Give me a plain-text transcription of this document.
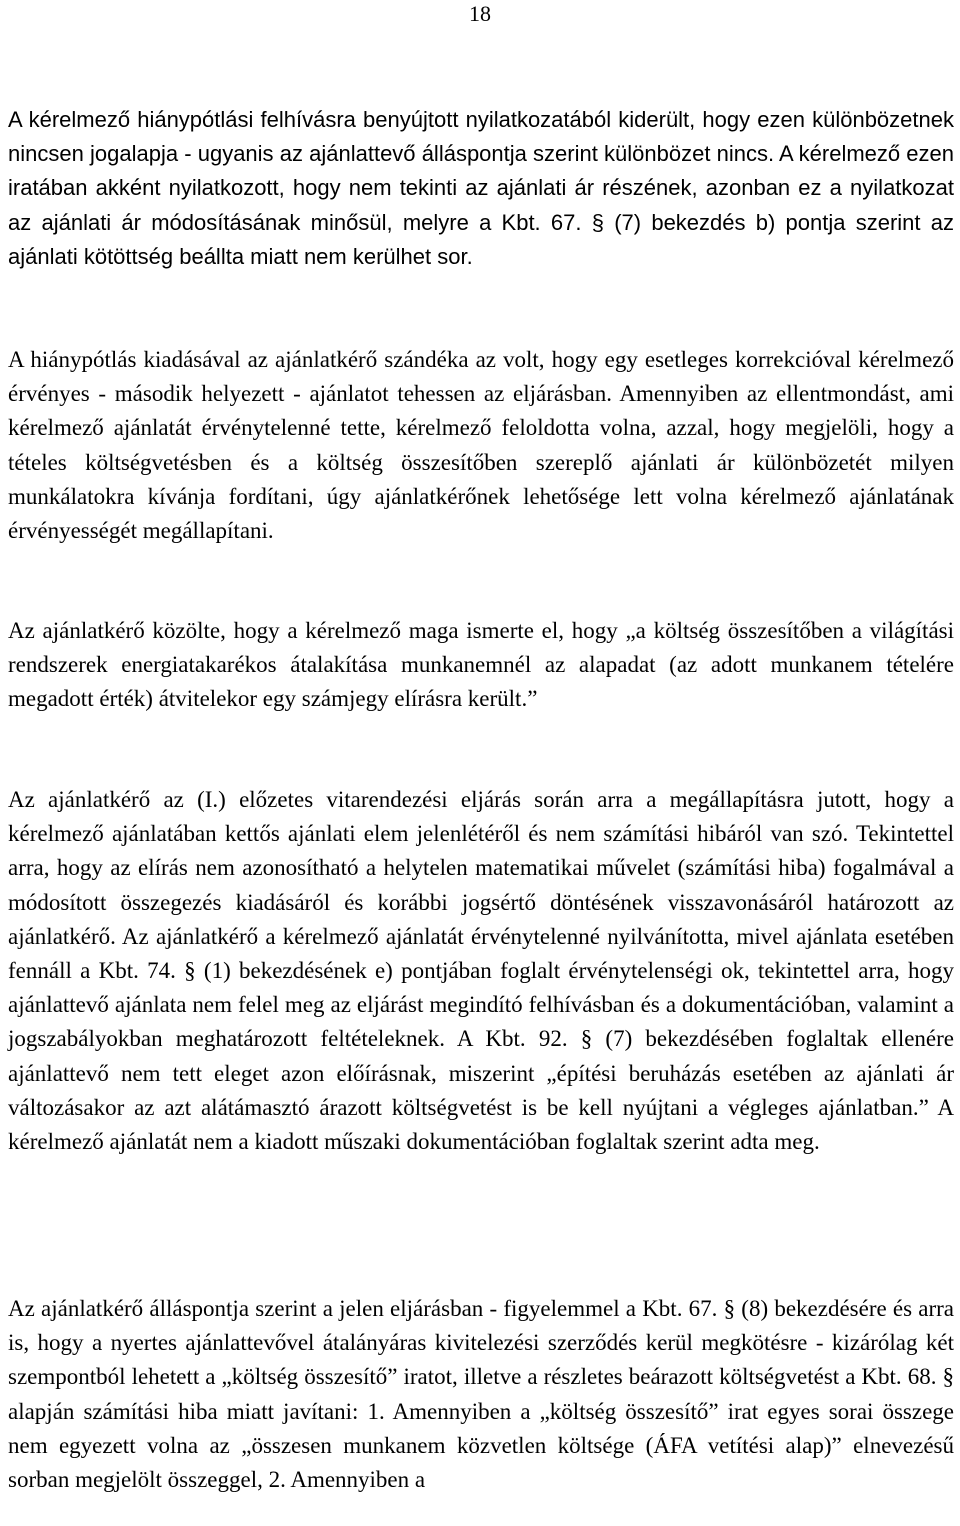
18

A kérelmező hiánypótlási felhívásra benyújtott nyilatkozatából kiderült, hogy ezen különbözetnek nincsen jogalapja - ugyanis az ajánlattevő álláspontja szerint különbözet nincs. A kérelmező ezen iratában akként nyilatkozott, hogy nem tekinti az ajánlati ár részének, azonban ez a nyilatkozat az ajánlati ár módosításának minősül, melyre a Kbt. 67. § (7) bekezdés b) pontja szerint az ajánlati kötöttség beállta miatt nem kerülhet sor.

A hiánypótlás kiadásával az ajánlatkérő szándéka az volt, hogy egy esetleges korrekcióval kérelmező érvényes - második helyezett - ajánlatot tehessen az eljárásban. Amennyiben az ellentmondást, ami kérelmező ajánlatát érvénytelenné tette, kérelmező feloldotta volna, azzal, hogy megjelöli, hogy a tételes költségvetésben és a költség összesítőben szereplő ajánlati ár különbözetét milyen munkálatokra kívánja fordítani, úgy ajánlatkérőnek lehetősége lett volna kérelmező ajánlatának érvényességét megállapítani.

Az ajánlatkérő közölte, hogy a kérelmező maga ismerte el, hogy „a költség összesítőben a világítási rendszerek energiatakarékos átalakítása munkanemnél az alapadat (az adott munkanem tételére megadott érték) átvitelekor egy számjegy elírásra került.”

Az ajánlatkérő az (I.) előzetes vitarendezési eljárás során arra a megállapításra jutott, hogy a kérelmező ajánlatában kettős ajánlati elem jelenlétéről és nem számítási hibáról van szó. Tekintettel arra, hogy az elírás nem azonosítható a helytelen matematikai művelet (számítási hiba) fogalmával a módosított összegezés kiadásáról és korábbi jogsértő döntésének visszavonásáról határozott az ajánlatkérő. Az ajánlatkérő a kérelmező ajánlatát érvénytelenné nyilvánította, mivel ajánlata esetében fennáll a Kbt. 74. § (1) bekezdésének e) pontjában foglalt érvénytelenségi ok, tekintettel arra, hogy ajánlattevő ajánlata nem felel meg az eljárást megindító felhívásban és a dokumentációban, valamint a jogszabályokban meghatározott feltételeknek. A Kbt. 92. § (7) bekezdésében foglaltak ellenére ajánlattevő nem tett eleget azon előírásnak, miszerint „építési beruházás esetében az ajánlati ár változásakor az azt alátámasztó árazott költségvetést is be kell nyújtani a végleges ajánlatban.” A kérelmező ajánlatát nem a kiadott műszaki dokumentációban foglaltak szerint adta meg.

Az ajánlatkérő álláspontja szerint a jelen eljárásban - figyelemmel a Kbt. 67. § (8) bekezdésére és arra is, hogy a nyertes ajánlattevővel átalányáras kivitelezési szerződés kerül megkötésre - kizárólag két szempontból lehetett a „költség összesítő” iratot, illetve a részletes beárazott költségvetést a Kbt. 68. § alapján számítási hiba miatt javítani: 1. Amennyiben a „költség összesítő” irat egyes sorai összege nem egyezett volna az „összesen munkanem közvetlen költsége (ÁFA vetítési alap)” elnevezésű sorban megjelölt összeggel, 2. Amennyiben a
